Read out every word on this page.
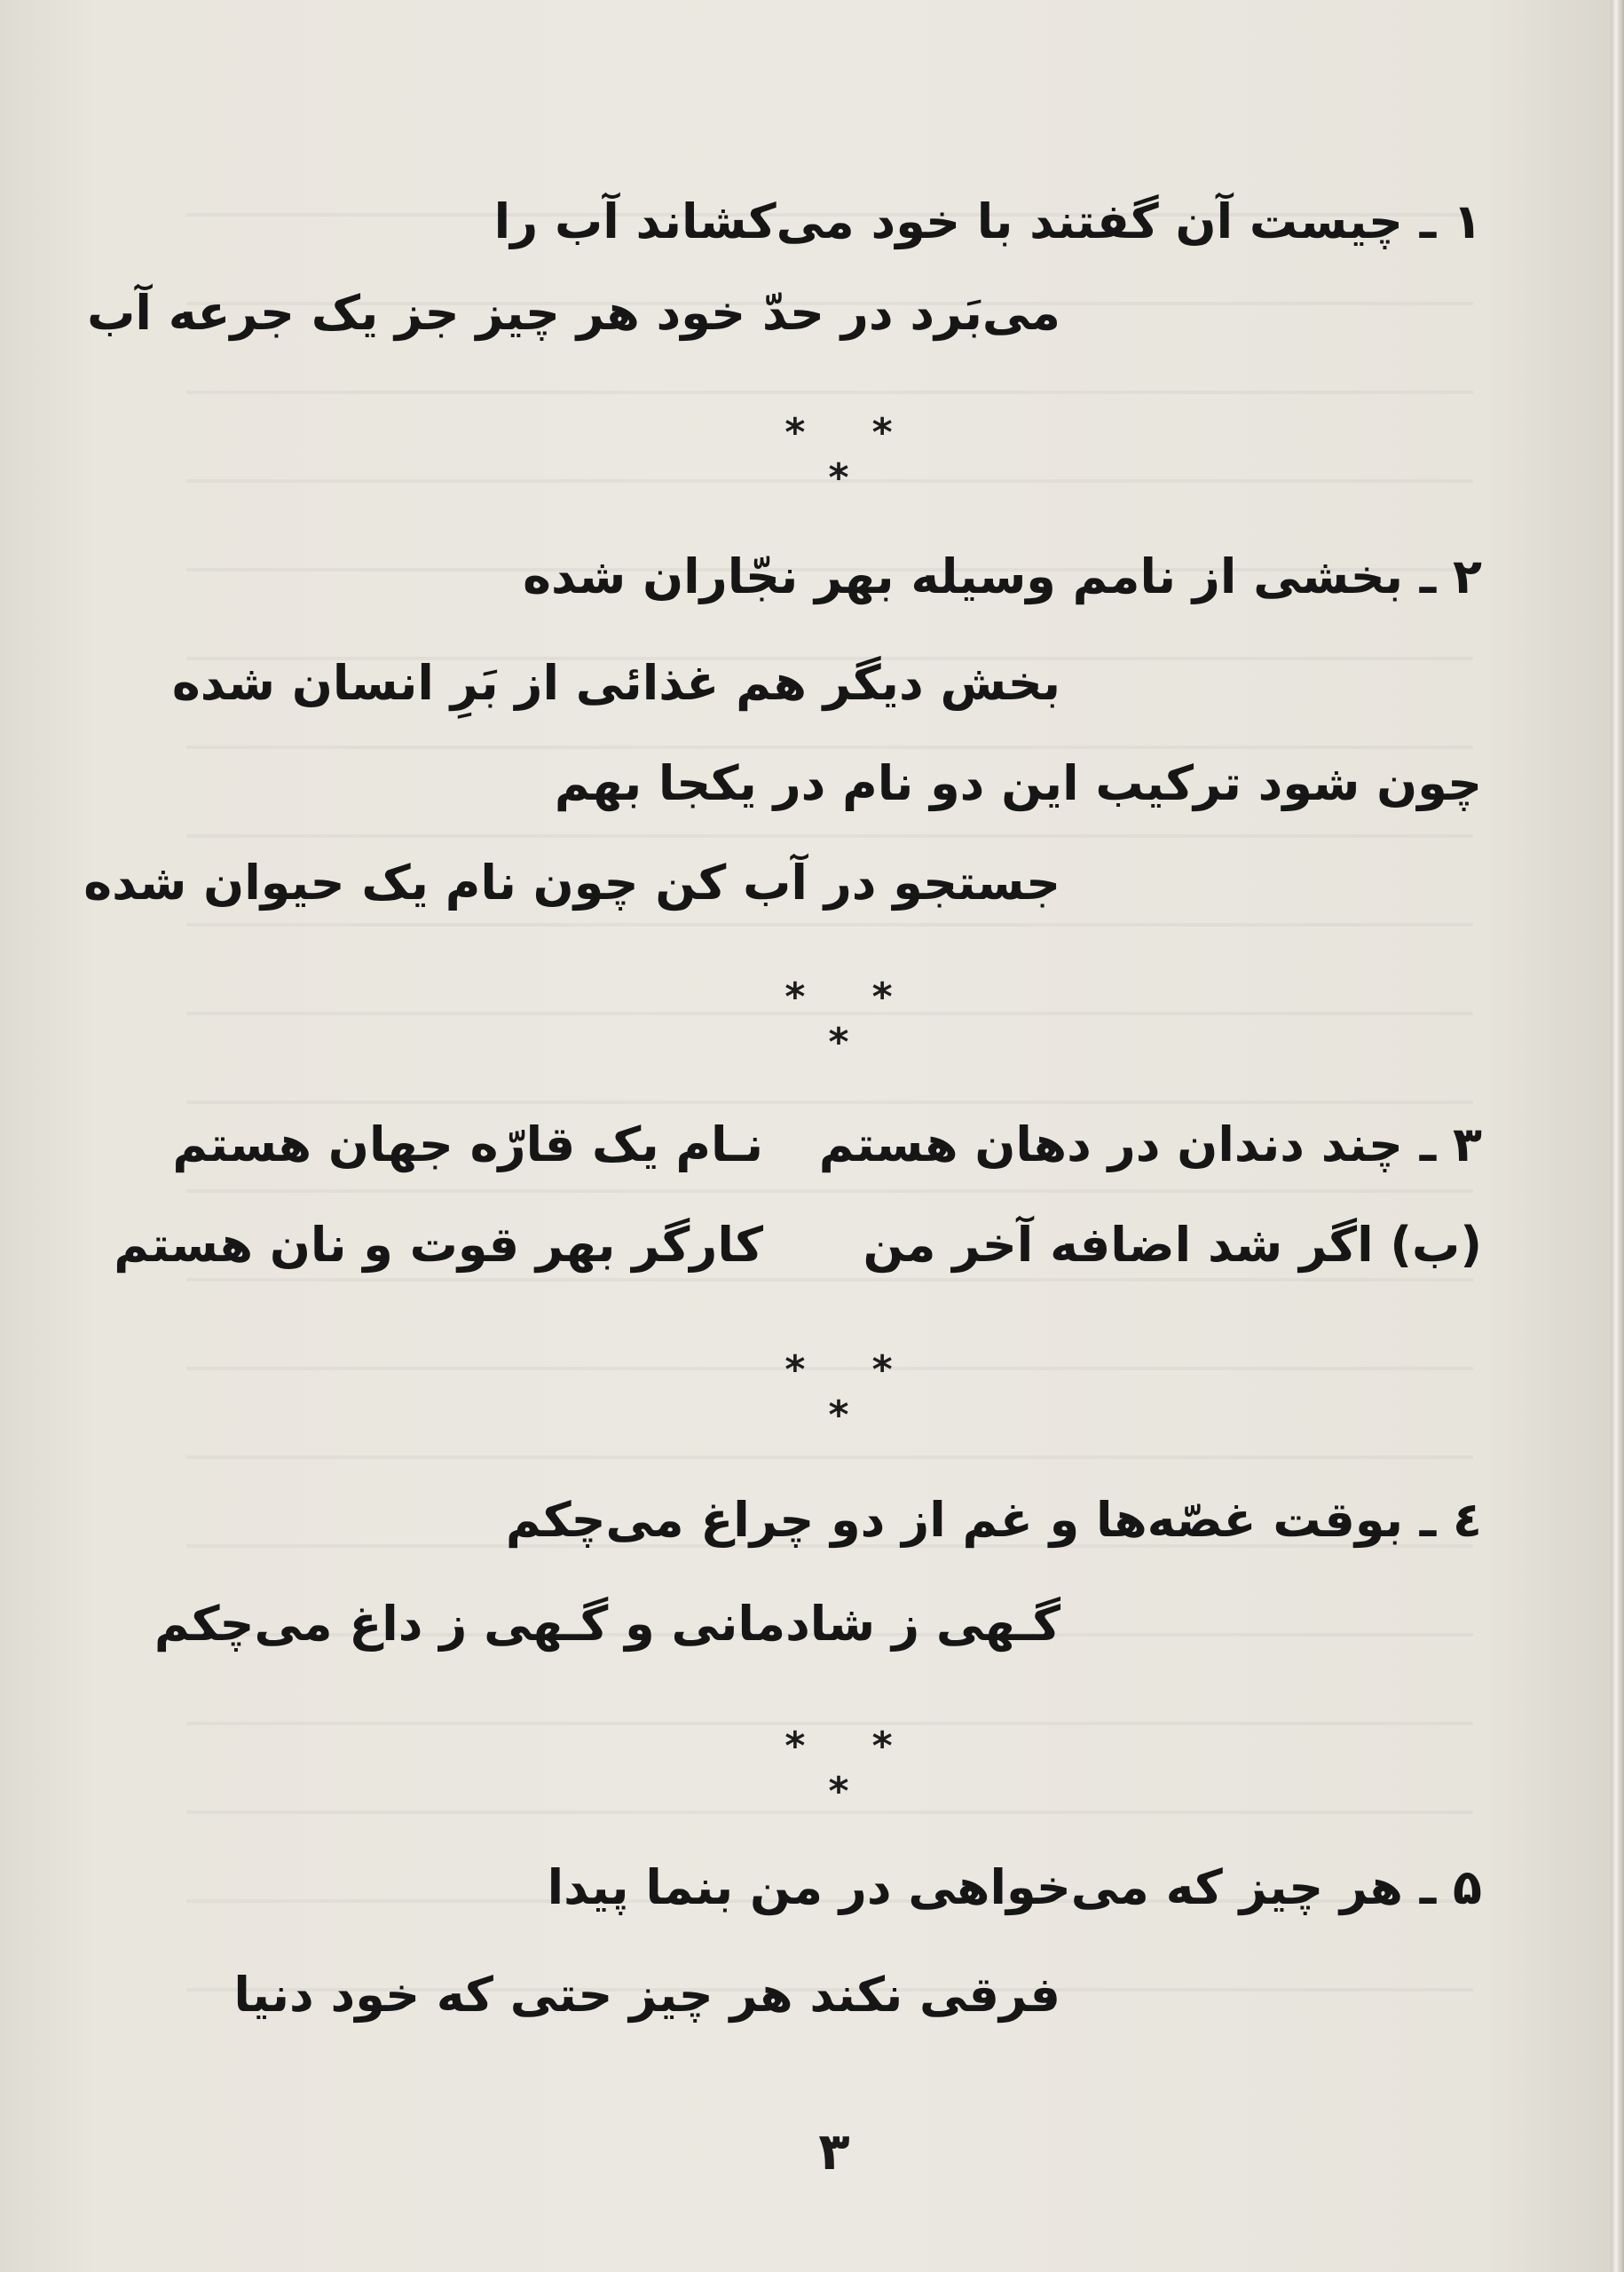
۱ ـ چیست آن گفتند با خود می‌کشاند آب را
می‌بَرد در حدّ خود هر چیز جز یک جرعه آب
* * *
۲ ـ بخشی از نامم وسیله بهر نجّاران شده
بخش دیگر هم غذائی از بَرِ انسان شده
چون شود ترکیب این دو نام در یکجا بهم
جستجو در آب کن چون نام یک حیوان شده
* * *
۳ ـ چند دندان در دهان هستم
نـام یک قارّه جهان هستم
(ب) اگر شد اضافه آخر من
کارگر بهر قوت و نان هستم
* * *
٤ ـ بوقت غصّه‌ها و غم از دو چراغ می‌چکم
گـهی ز شادمانی و گـهی ز داغ می‌چکم
* * *
۵ ـ هر چیز که می‌خواهی در من بنما پیدا
فرقی نکند هر چیز حتی که خود دنیا
۳
